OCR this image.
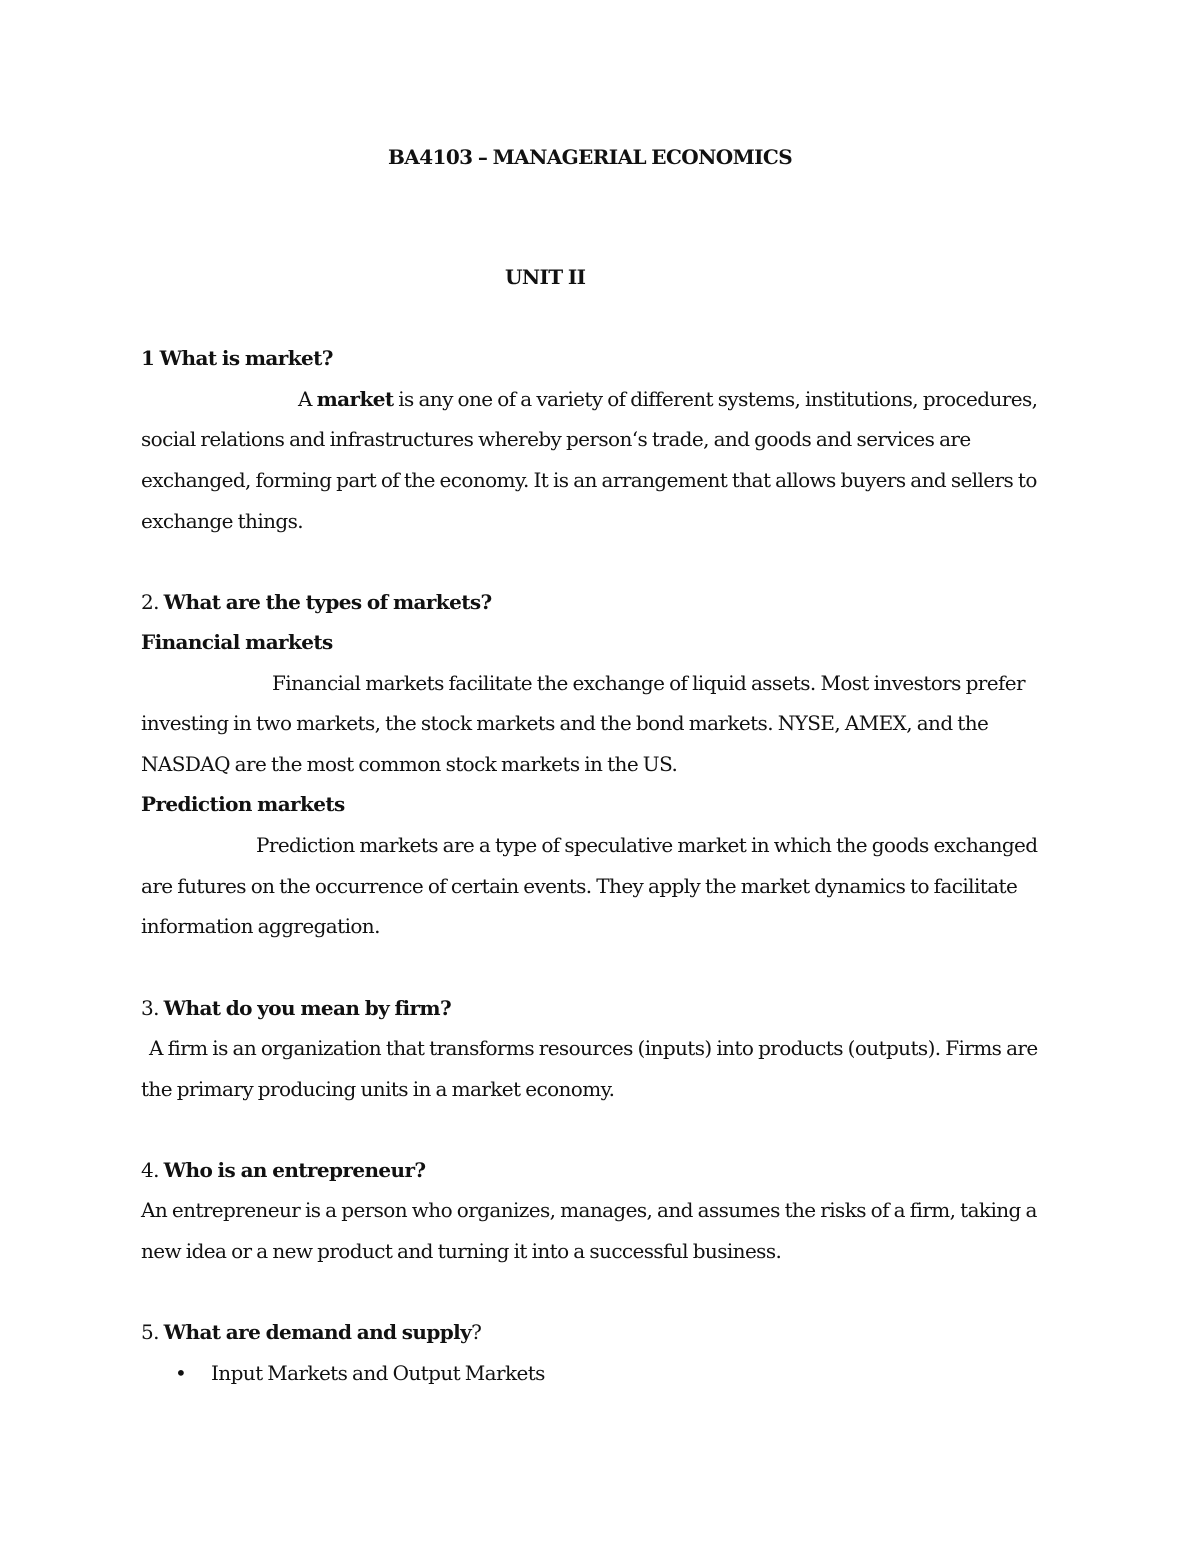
BA4103 – MANAGERIAL ECONOMICS
UNIT II
1 What is market?
A market is any one of a variety of different systems, institutions, procedures,
social relations and infrastructures whereby person‘s trade, and goods and services are
exchanged, forming part of the economy. It is an arrangement that allows buyers and sellers to
exchange things.
2. What are the types of markets?
Financial markets
Financial markets facilitate the exchange of liquid assets. Most investors prefer
investing in two markets, the stock markets and the bond markets. NYSE, AMEX, and the
NASDAQ are the most common stock markets in the US.
Prediction markets
Prediction markets are a type of speculative market in which the goods exchanged
are futures on the occurrence of certain events. They apply the market dynamics to facilitate
information aggregation.
3. What do you mean by firm?
A firm is an organization that transforms resources (inputs) into products (outputs). Firms are
the primary producing units in a market economy.
4. Who is an entrepreneur?
An entrepreneur is a person who organizes, manages, and assumes the risks of a firm, taking a
new idea or a new product and turning it into a successful business.
5. What are demand and supply?
• Input Markets and Output Markets
